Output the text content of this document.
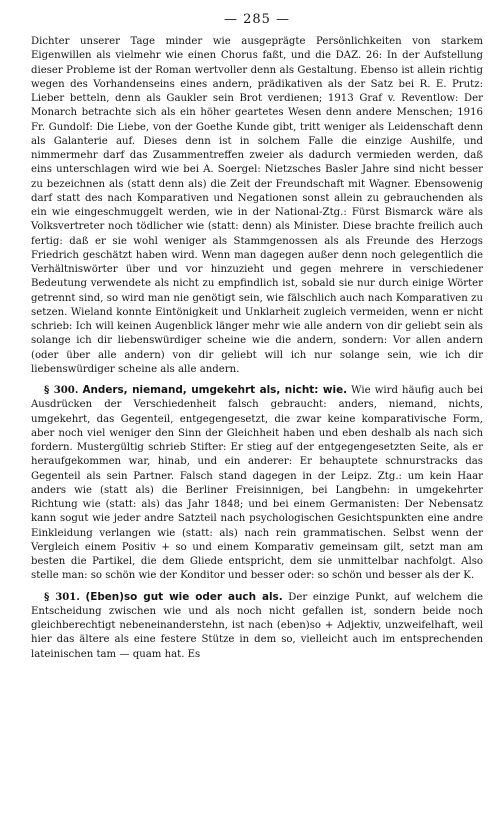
— 285 —

Dichter unserer Tage minder wie ausgeprägte Persönlichkeiten von starkem Eigenwillen als vielmehr wie einen Chorus faßt, und die DAZ. 26: In der Aufstellung dieser Probleme ist der Roman wertvoller denn als Gestaltung. Ebenso ist allein richtig wegen des Vorhandenseins eines andern, prädikativen als der Satz bei R. E. Prutz: Lieber betteln, denn als Gaukler sein Brot verdienen; 1913 Graf v. Reventlow: Der Monarch betrachte sich als ein höher geartetes Wesen denn andere Menschen; 1916 Fr. Gundolf: Die Liebe, von der Goethe Kunde gibt, tritt weniger als Leidenschaft denn als Galanterie auf. Dieses denn ist in solchem Falle die einzige Aushilfe, und nimmermehr darf das Zusammentreffen zweier als dadurch vermieden werden, daß eins unterschlagen wird wie bei A. Soergel: Nietzsches Basler Jahre sind nicht besser zu bezeichnen als (statt denn als) die Zeit der Freundschaft mit Wagner. Ebensowenig darf statt des nach Komparativen und Negationen sonst allein zu gebrauchenden als ein wie eingeschmuggelt werden, wie in der National-Ztg.: Fürst Bismarck wäre als Volksvertreter noch tödlicher wie (statt: denn) als Minister. Diese brachte freilich auch fertig: daß er sie wohl weniger als Stammgenossen als als Freunde des Herzogs Friedrich geschätzt haben wird. Wenn man dagegen außer denn noch gelegentlich die Verhältniswörter über und vor hinzuzieht und gegen mehrere in verschiedener Bedeutung verwendete als nicht zu empfindlich ist, sobald sie nur durch einige Wörter getrennt sind, so wird man nie genötigt sein, wie fälschlich auch nach Komparativen zu setzen. Wieland konnte Eintönigkeit und Unklarheit zugleich vermeiden, wenn er nicht schrieb: Ich will keinen Augenblick länger mehr wie alle andern von dir geliebt sein als solange ich dir liebenswürdiger scheine wie die andern, sondern: Vor allen andern (oder über alle andern) von dir geliebt will ich nur solange sein, wie ich dir liebenswürdiger scheine als alle andern.

§ 300. Anders, niemand, umgekehrt als, nicht: wie. Wie wird häufig auch bei Ausdrücken der Verschiedenheit falsch gebraucht: anders, niemand, nichts, umgekehrt, das Gegenteil, entgegengesetzt, die zwar keine komparativische Form, aber noch viel weniger den Sinn der Gleichheit haben und eben deshalb als nach sich fordern. Mustergültig schrieb Stifter: Er stieg auf der entgegengesetzten Seite, als er heraufgekommen war, hinab, und ein anderer: Er behauptete schnurstracks das Gegenteil als sein Partner. Falsch stand dagegen in der Leipz. Ztg.: um kein Haar anders wie (statt als) die Berliner Freisinnigen, bei Langbehn: in umgekehrter Richtung wie (statt: als) das Jahr 1848; und bei einem Germanisten: Der Nebensatz kann sogut wie jeder andre Satzteil nach psychologischen Gesichtspunkten eine andre Einkleidung verlangen wie (statt: als) nach rein grammatischen. Selbst wenn der Vergleich einem Positiv + so und einem Komparativ gemeinsam gilt, setzt man am besten die Partikel, die dem Gliede entspricht, dem sie unmittelbar nachfolgt. Also stelle man: so schön wie der Konditor und besser oder: so schön und besser als der K.

§ 301. (Eben)so gut wie oder auch als. Der einzige Punkt, auf welchem die Entscheidung zwischen wie und als noch nicht gefallen ist, sondern beide noch gleichberechtigt nebeneinanderstehn, ist nach (eben)so + Adjektiv, unzweifelhaft, weil hier das ältere als eine festere Stütze in dem so, vielleicht auch im entsprechenden lateinischen tam — quam hat. Es
